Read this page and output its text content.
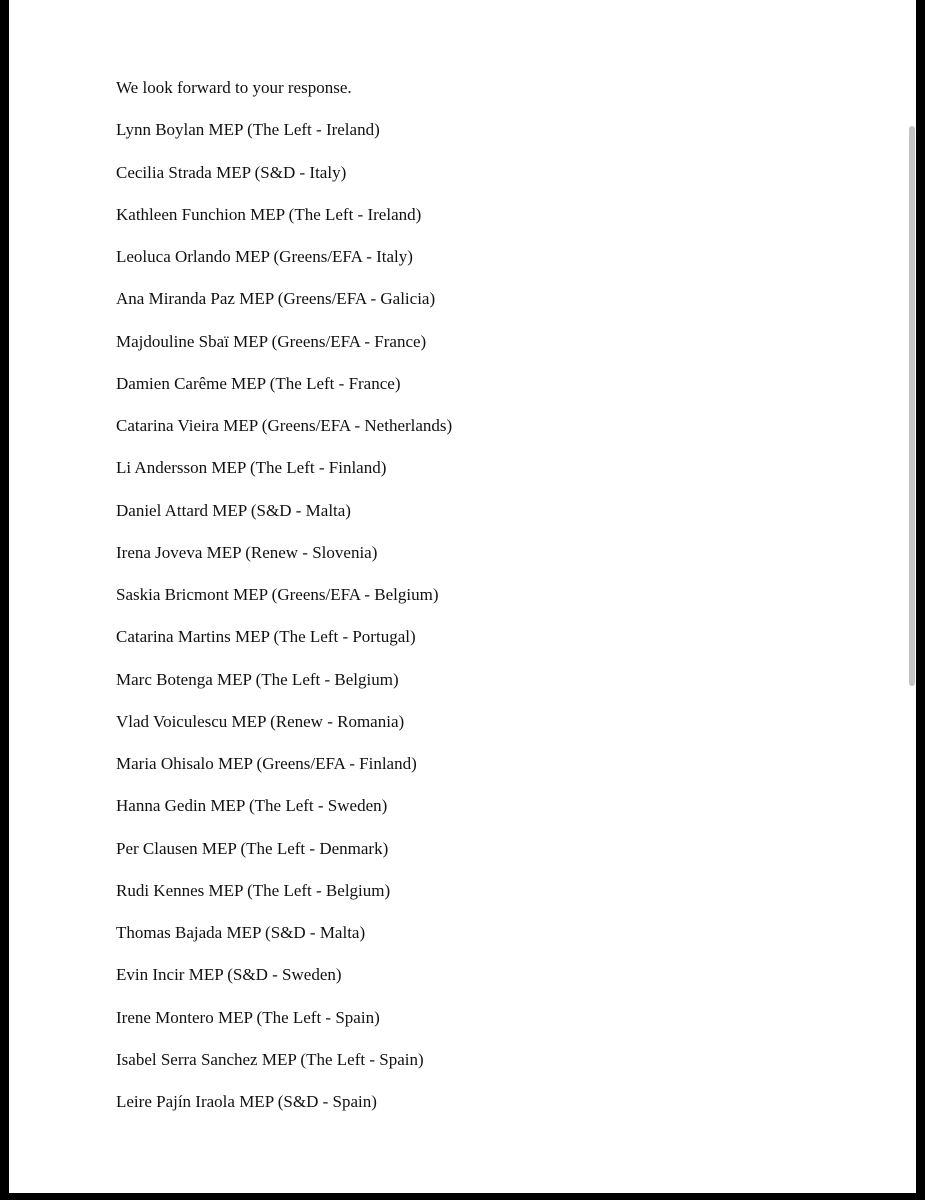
We look forward to your response.

Lynn Boylan MEP (The Left - Ireland)

Cecilia Strada MEP (S&D - Italy)

Kathleen Funchion MEP (The Left - Ireland)

Leoluca Orlando MEP (Greens/EFA - Italy)

Ana Miranda Paz MEP (Greens/EFA - Galicia)

Majdouline Sbaï MEP (Greens/EFA - France)

Damien Carême MEP (The Left - France)

Catarina Vieira MEP (Greens/EFA - Netherlands)

Li Andersson MEP (The Left - Finland)

Daniel Attard MEP (S&D - Malta)

Irena Joveva MEP (Renew - Slovenia)

Saskia Bricmont MEP (Greens/EFA - Belgium)

Catarina Martins MEP (The Left - Portugal)

Marc Botenga MEP (The Left - Belgium)

Vlad Voiculescu MEP (Renew - Romania)

Maria Ohisalo MEP (Greens/EFA - Finland)

Hanna Gedin MEP (The Left - Sweden)

Per Clausen MEP (The Left - Denmark)

Rudi Kennes MEP (The Left - Belgium)

Thomas Bajada MEP (S&D - Malta)

Evin Incir MEP (S&D - Sweden)

Irene Montero MEP (The Left - Spain)

Isabel Serra Sanchez MEP (The Left - Spain)

Leire Pajín Iraola MEP (S&D - Spain)
